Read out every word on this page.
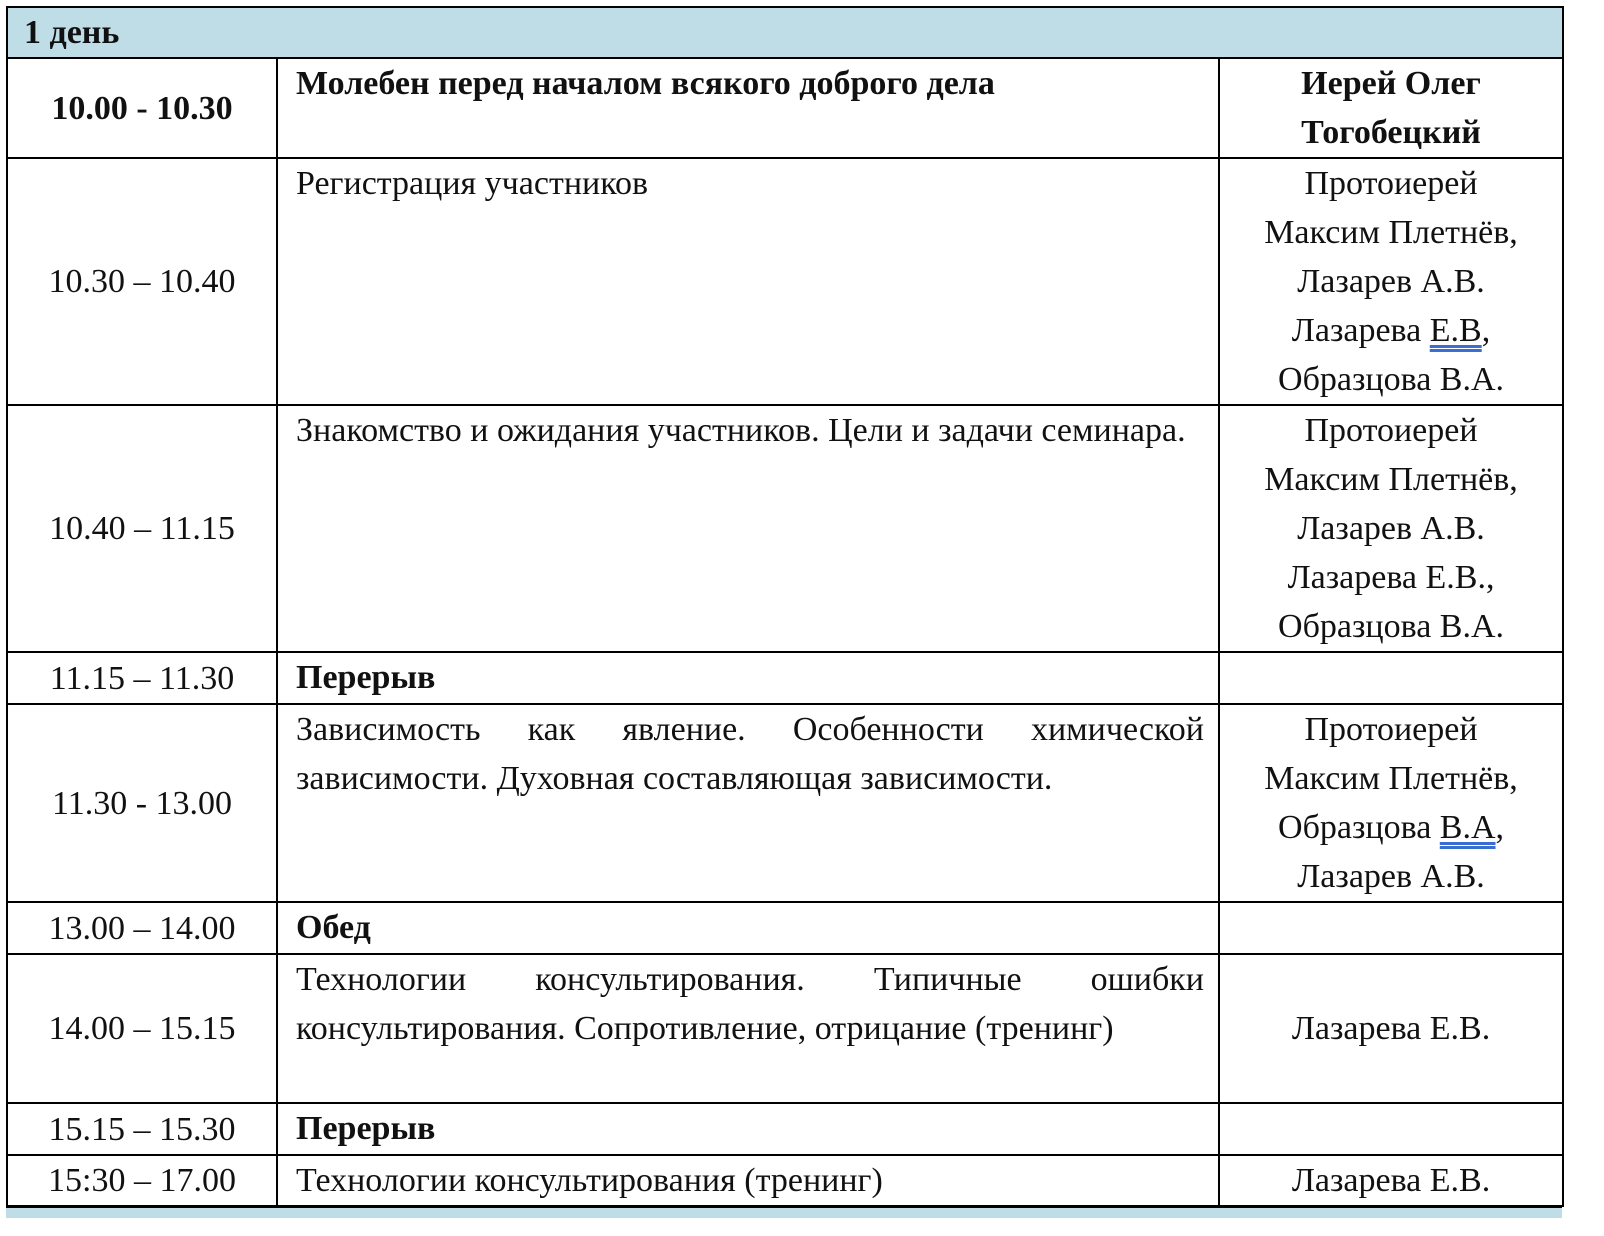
1 день		
10.00 - 10.30	Молебен перед началом всякого доброго дела	Иерей Олег
Тогобецкий

10.30 – 10.40	Регистрация участников	Протоиерей
Максим Плетнёв,
Лазарев А.В.
Лазарева Е.В,
Образцова В.А.

10.40 – 11.15	Знакомство и ожидания участников. Цели и задачи семинара.	Протоиерей
Максим Плетнёв,
Лазарев А.В.
Лазарева Е.В.,
Образцова В.А.

11.15 – 11.30	Перерыв	
11.30 - 13.00	Зависимость как явление. Особенности химической зависимости. Духовная составляющая зависимости.	Протоиерей
Максим Плетнёв,
Образцова В.А,
Лазарев А.В.

13.00 – 14.00	Обед	
14.00 – 15.15	Технологии консультирования. Типичные ошибки консультирования. Сопротивление, отрицание (тренинг)	Лазарева Е.В.

15.15 – 15.30	Перерыв	
15:30 – 17.00	Технологии консультирования (тренинг)	Лазарева Е.В.
